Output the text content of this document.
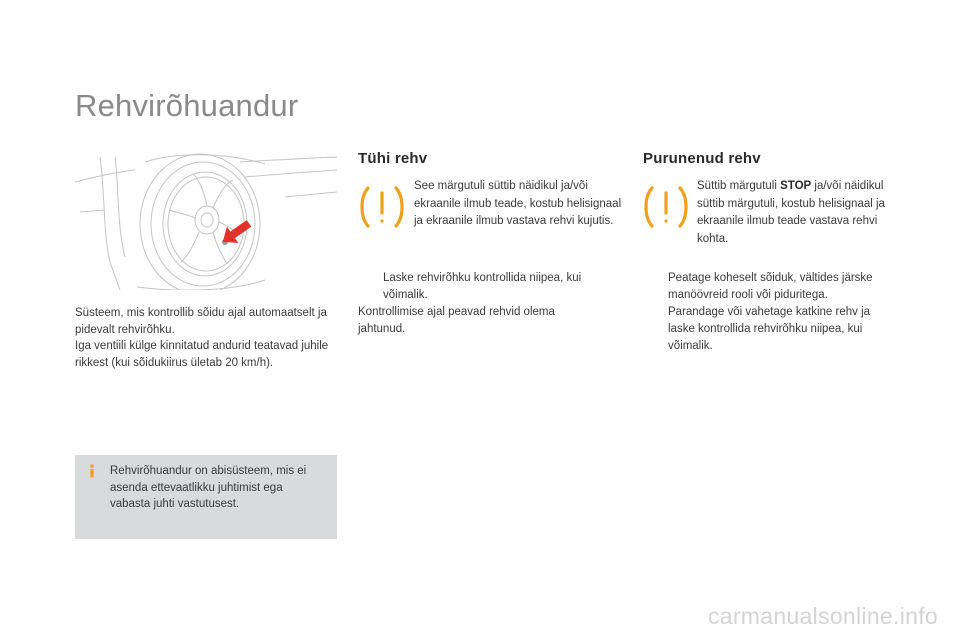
Rehvirõhuandur

Süsteem, mis kontrollib sõidu ajal automaatselt ja pidevalt rehvirõhku.

Iga ventiili külge kinnitatud andurid teatavad juhile rikkest (kui sõidukiirus ületab 20 km/h).

Rehvirõhuandur on abisüsteem, mis ei asenda ettevaatlikku juhtimist ega vabasta juhti vastutusest.
Tühi rehv
See märgutuli süttib näidikul ja/või ekraanile ilmub teade, kostub helisignaal ja ekraanile ilmub vastava rehvi kujutis.

Laske rehvirõhku kontrollida niipea, kui võimalik.

Kontrollimise ajal peavad rehvid olema jahtunud.

Purunenud rehv
Süttib märgutuli STOP ja/või näidikul süttib märgutuli, kostub helisignaal ja ekraanile ilmub teade vastava rehvi kohta.

Peatage koheselt sõiduk, vältides järske manöövreid rooli või piduritega.

Parandage või vahetage katkine rehv ja laske kontrollida rehvirõhku niipea, kui võimalik.

carmanualsonline.info
